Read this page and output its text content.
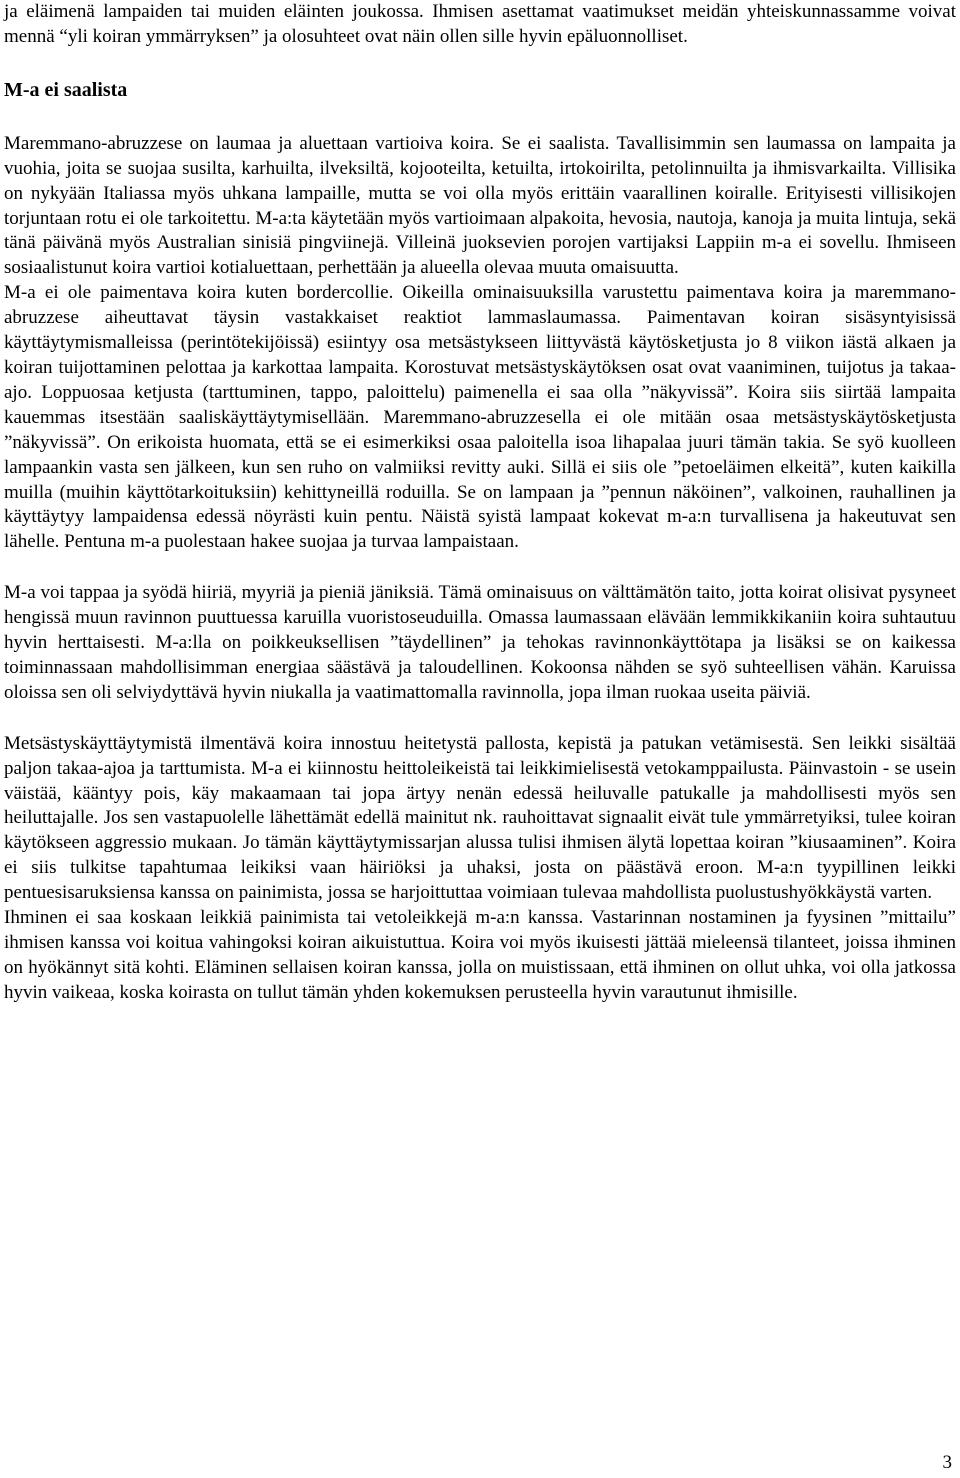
ja eläimenä lampaiden tai muiden eläinten joukossa. Ihmisen asettamat vaatimukset meidän yhteiskunnassamme voivat mennä “yli koiran ymmärryksen” ja olosuhteet ovat näin ollen sille hyvin epäluonnolliset.

M-a ei saalista

Maremmano-abruzzese on laumaa ja aluettaan vartioiva koira. Se ei saalista. Tavallisimmin sen laumassa on lampaita ja vuohia, joita se suojaa susilta, karhuilta, ilveksiltä, kojooteilta, ketuilta, irtokoirilta, petolinnuilta ja ihmisvarkailta. Villisika on nykyään Italiassa myös uhkana lampaille, mutta se voi olla myös erittäin vaarallinen koiralle. Erityisesti villisikojen torjuntaan rotu ei ole tarkoitettu. M-a:ta käytetään myös vartioimaan alpakoita, hevosia, nautoja, kanoja ja muita lintuja, sekä tänä päivänä myös Australian sinisiä pingviinejä. Villeinä juoksevien porojen vartijaksi Lappiin m-a ei sovellu. Ihmiseen sosiaalistunut koira vartioi kotialuettaan, perhettään ja alueella olevaa muuta omaisuutta.

M-a ei ole paimentava koira kuten bordercollie. Oikeilla ominaisuuksilla varustettu paimentava koira ja maremmano-abruzzese aiheuttavat täysin vastakkaiset reaktiot lammaslaumassa. Paimentavan koiran sisäsyntyisissä käyttäytymismalleissa (perintötekijöissä) esiintyy osa metsästykseen liittyvästä käytösketjusta jo 8 viikon iästä alkaen ja koiran tuijottaminen pelottaa ja karkottaa lampaita. Korostuvat metsästyskäytöksen osat ovat vaaniminen, tuijotus ja takaa-ajo. Loppuosaa ketjusta (tarttuminen, tappo, paloittelu) paimenella ei saa olla ”näkyvissä”. Koira siis siirtää lampaita kauemmas itsestään saaliskäyttäytymisellään. Maremmano-abruzzesella ei ole mitään osaa metsästyskäytösketjusta ”näkyvissä”. On erikoista huomata, että se ei esimerkiksi osaa paloitella isoa lihapalaa juuri tämän takia. Se syö kuolleen lampaankin vasta sen jälkeen, kun sen ruho on valmiiksi revitty auki. Sillä ei siis ole ”petoeläimen elkeitä”, kuten kaikilla muilla (muihin käyttötarkoituksiin) kehittyneillä roduilla. Se on lampaan ja ”pennun näköinen”, valkoinen, rauhallinen ja käyttäytyy lampaidensa edessä nöyrästi kuin pentu. Näistä syistä lampaat kokevat m-a:n turvallisena ja hakeutuvat sen lähelle. Pentuna m-a puolestaan hakee suojaa ja turvaa lampaistaan.

M-a voi tappaa ja syödä hiiriä, myyriä ja pieniä jäniksiä. Tämä ominaisuus on välttämätön taito, jotta koirat olisivat pysyneet hengissä muun ravinnon puuttuessa karuilla vuoristoseuduilla. Omassa laumassaan elävään lemmikkikaniin koira suhtautuu hyvin herttaisesti. M-a:lla on poikkeuksellisen ”täydellinen” ja tehokas ravinnonkäyttötapa ja lisäksi se on kaikessa toiminnassaan mahdollisimman energiaa säästävä ja taloudellinen. Kokoonsa nähden se syö suhteellisen vähän. Karuissa oloissa sen oli selviydyttävä hyvin niukalla ja vaatimattomalla ravinnolla, jopa ilman ruokaa useita päiviä.

Metsästyskäyttäytymistä ilmentävä koira innostuu heitetystä pallosta, kepistä ja patukan vetämisestä. Sen leikki sisältää paljon takaa-ajoa ja tarttumista. M-a ei kiinnostu heittoleikeistä tai leikkimielisestä vetokamppailusta. Päinvastoin - se usein väistää, kääntyy pois, käy makaamaan tai jopa ärtyy nenän edessä heiluvalle patukalle ja mahdollisesti myös sen heiluttajalle. Jos sen vastapuolelle lähettämät edellä mainitut nk. rauhoittavat signaalit eivät tule ymmärretyiksi, tulee koiran käytökseen aggressio mukaan. Jo tämän käyttäytymissarjan alussa tulisi ihmisen älytä lopettaa koiran ”kiusaaminen”. Koira ei siis tulkitse tapahtumaa leikiksi vaan häiriöksi ja uhaksi, josta on päästävä eroon. M-a:n tyypillinen leikki pentuesisaruksiensa kanssa on painimista, jossa se harjoittuttaa voimiaan tulevaa mahdollista puolustushyökkäystä varten.

Ihminen ei saa koskaan leikkiä painimista tai vetoleikkejä m-a:n kanssa. Vastarinnan nostaminen ja fyysinen ”mittailu” ihmisen kanssa voi koitua vahingoksi koiran aikuistuttua. Koira voi myös ikuisesti jättää mieleensä tilanteet, joissa ihminen on hyökännyt sitä kohti. Eläminen sellaisen koiran kanssa, jolla on muistissaan, että ihminen on ollut uhka, voi olla jatkossa hyvin vaikeaa, koska koirasta on tullut tämän yhden kokemuksen perusteella hyvin varautunut ihmisille.

3
